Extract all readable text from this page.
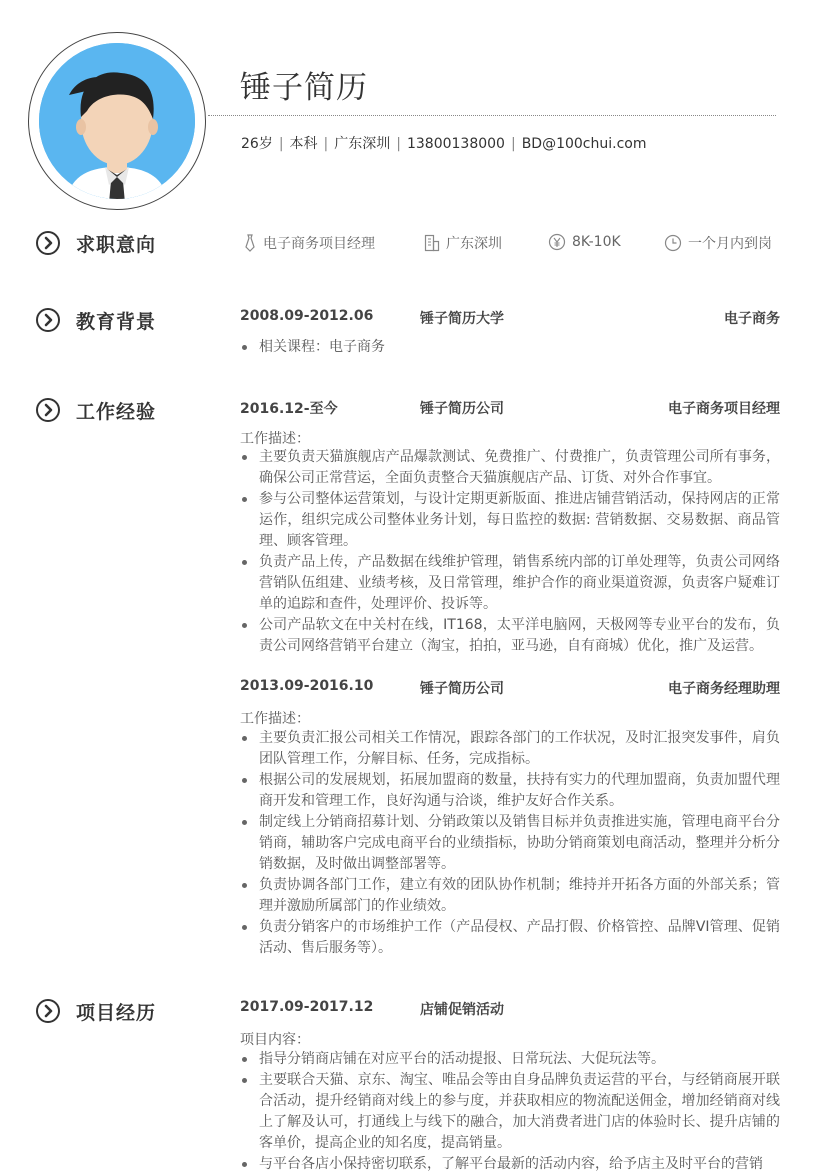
锤子简历
26岁 | 本科 | 广东深圳 | 13800138000 | BD@100chui.com
求职意向	电子商务项目经理	广东深圳	8K-10K	一个月内到岗
教育背景	2008.09-2012.06	锤子简历大学	电子商务
相关课程：电子商务
工作经验	2016.12-至今	锤子简历公司	电子商务项目经理
工作描述：
主要负责天猫旗舰店产品爆款测试、免费推广、付费推广，负责管理公司所有事务，确保公司正常营运，全面负责整合天猫旗舰店产品、订货、对外合作事宜。
参与公司整体运营策划，与设计定期更新版面、推进店铺营销活动，保持网店的正常运作，组织完成公司整体业务计划，每日监控的数据: 营销数据、交易数据、商品管理、顾客管理。
负责产品上传，产品数据在线维护管理，销售系统内部的订单处理等，负责公司网络营销队伍组建、业绩考核，及日常管理，维护合作的商业渠道资源，负责客户疑难订单的追踪和查件，处理评价、投诉等。
公司产品软文在中关村在线，IT168，太平洋电脑网，天极网等专业平台的发布，负责公司网络营销平台建立（淘宝，拍拍，亚马逊，自有商城）优化，推广及运营。
2013.09-2016.10	锤子简历公司	电子商务经理助理
工作描述：
主要负责汇报公司相关工作情况，跟踪各部门的工作状况，及时汇报突发事件，肩负团队管理工作，分解目标、任务，完成指标。
根据公司的发展规划，拓展加盟商的数量，扶持有实力的代理加盟商，负责加盟代理商开发和管理工作，良好沟通与洽谈，维护友好合作关系。
制定线上分销商招募计划、分销政策以及销售目标并负责推进实施，管理电商平台分销商，辅助客户完成电商平台的业绩指标，协助分销商策划电商活动，整理并分析分销数据，及时做出调整部署等。
负责协调各部门工作，建立有效的团队协作机制；维持并开拓各方面的外部关系；管理并激励所属部门的作业绩效。
负责分销客户的市场维护工作（产品侵权、产品打假、价格管控、品牌VI管理、促销活动、售后服务等）。
项目经历	2017.09-2017.12	店铺促销活动
项目内容：
指导分销商店铺在对应平台的活动提报、日常玩法、大促玩法等。
主要联合天猫、京东、淘宝、唯品会等由自身品牌负责运营的平台，与经销商展开联合活动，提升经销商对线上的参与度，并获取相应的物流配送佣金，增加经销商对线上了解及认可，打通线上与线下的融合，加大消费者进门店的体验时长、提升店铺的客单价，提高企业的知名度，提高销量。
与平台各店小保持密切联系，了解平台最新的活动内容，给予店主及时平台的营销
